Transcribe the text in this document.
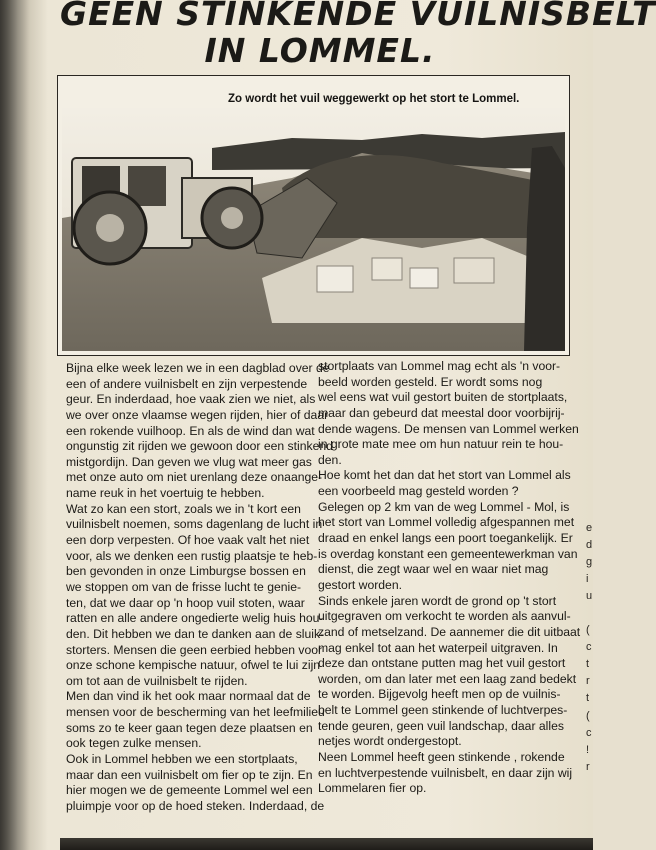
GEEN STINKENDE VUILNISBELT
IN LOMMEL.
Zo wordt het vuil weggewerkt op het stort te Lommel.
Bijna elke week lezen we in een dagblad over de
een of andere vuilnisbelt en zijn verpestende
geur. En inderdaad, hoe vaak zien we niet, als
we over onze vlaamse wegen rijden, hier of daar
een rokende vuilhoop. En als de wind dan wat
ongunstig zit rijden we gewoon door een stinkend
mistgordijn. Dan geven we vlug wat meer gas
met onze auto om niet urenlang deze onaange-
name reuk in het voertuig te hebben.
Wat zo kan een stort, zoals we in 't kort een
vuilnisbelt noemen, soms dagenlang de lucht in
een dorp verpesten. Of hoe vaak valt het niet
voor, als we denken een rustig plaatsje te heb-
ben gevonden in onze Limburgse bossen en
we stoppen om van de frisse lucht te genie-
ten, dat we daar op 'n hoop vuil stoten, waar
ratten en alle andere ongedierte welig huis hou-
den. Dit hebben we dan te danken aan de sluik-
storters. Mensen die geen eerbied hebben voor
onze schone kempische natuur, ofwel te lui zijn
om tot aan de vuilnisbelt te rijden.
Men dan vind ik het ook maar normaal dat de
mensen voor de bescherming van het leefmilieu
soms zo te keer gaan tegen deze plaatsen en
ook tegen zulke mensen.
Ook in Lommel hebben we een stortplaats,
maar dan een vuilnisbelt om fier op te zijn. En
hier mogen we de gemeente Lommel wel een
pluimpje voor op de hoed steken. Inderdaad, de
stortplaats van Lommel mag echt als 'n voor-
beeld worden gesteld. Er wordt soms nog
wel eens wat vuil gestort buiten de stortplaats,
maar dan gebeurd dat meestal door voorbijrij-
dende wagens. De mensen van Lommel werken
in grote mate mee om hun natuur rein te hou-
den.
Hoe komt het dan dat het stort van Lommel als
een voorbeeld mag gesteld worden ?
Gelegen op 2 km van de weg Lommel - Mol, is
het stort van Lommel volledig afgespannen met
draad en enkel langs een poort toegankelijk. Er
is overdag konstant een gemeentewerkman van
dienst, die zegt waar wel en waar niet mag
gestort worden.
Sinds enkele jaren wordt de grond op 't stort
uitgegraven om verkocht te worden als aanvul-
zand of metselzand. De aannemer die dit uitbaat
mag enkel tot aan het waterpeil uitgraven. In
deze dan ontstane putten mag het vuil gestort
worden, om dan later met een laag zand bedekt
te worden. Bijgevolg heeft men op de vuilnis-
belt te Lommel geen stinkende of luchtverpes-
tende geuren, geen vuil landschap, daar alles
netjes wordt ondergestopt.
Neen Lommel heeft geen stinkende , rokende
en luchtverpestende vuilnisbelt, en daar zijn wij
Lommelaren fier op.
e
d
g
i
u

(
c
t
r
t
(
c
!
r
